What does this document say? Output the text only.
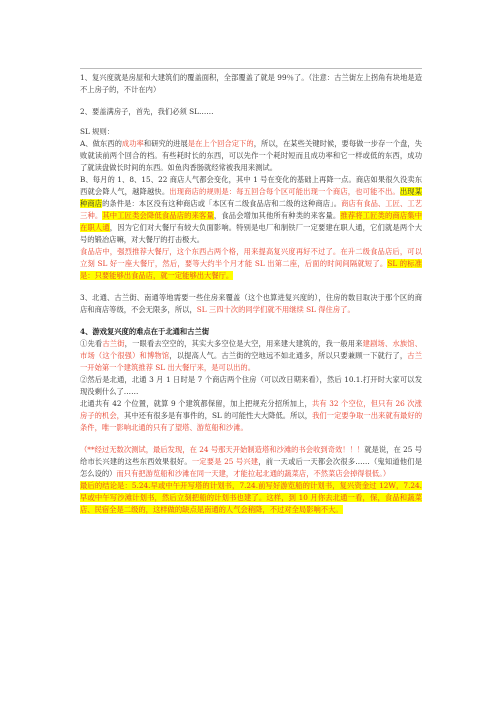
1、复兴度就是房屋和大建筑们的覆盖面积，全部覆盖了就是 99％了。（注意：古兰街左上拐角有块地是造不上房子的，不计在内）

2、要盖满房子，首先，我们必须 SL……

SL 规则：
A、做东西的成功率和研究的进展是在上个回合定下的，所以，在某些关键时候，要每做一步存一个盘，失败就读前两个回合的档。有些耗时长的东西，可以先作一个耗时短而且成功率和它一样或低的东西，成功了就读盘做长时间的东西。如鱼肉香肠就经常被我用来测试。
B、每月的 1、8、15、22 商店人气都会变化，其中 1 号在变化的基础上再降一点。商店如果很久没卖东西就会降人气，越降越快。出现商店的规则是：每五回合每个区可能出现一个商店，也可能不出。出现某种商店的条件是：本区没有这种商店或「本区有二级食品店和二级的这种商店」。商店有食品、工匠、工艺三种。其中工匠类会降低食品店的来客量，食品会增加其他所有种类的来客量。推荐将工匠类的商店集中在职人通，因为它们对大餐厅有较大负面影响。特别是电厂和制铁厂一定要建在职人通，它们就是两个大号的锻冶店嘛，对大餐厅的打击极大。
食品店中，强烈推荐大餐厅，这个东西占两个格，用来提高复兴度再好不过了。在升二级食品店后，可以立刻 SL 好一座大餐厅，然后，要等大约半个月才能 SL 出第二座，后面的时间间隔就短了。SL 的标准是：只要能够出食品店，就一定能够出大餐厅。

3、北通、古兰街、南通等地需要一些住房来覆盖（这个也算进复兴度的），住房的数目取决于那个区的商店和商店等级，不会无限多，所以，SL 三四十次的同学们就不用继续 SL 得住房了。

4、游戏复兴度的难点在于北通和古兰街
①先看古兰街，一眼看去空空的，其实大多空位是大空，用来建大建筑的，我一般用来建剧场、水族馆、市场（这个很强）和博物馆，以提高人气。古兰街的空地远不如北通多，所以只要兼顾一下就行了，古兰一开始第一个建筑推荐 SL 出大餐厅来，是可以出的。
②然后是北通，北通 3 月 1 日时是 7 个商店两个住房（可以改日期来看），然后 10.1.打开时大家可以发现没剩什么了……
北通共有 42 个位置，就算 9 个建筑都保留，加上把规充分招所加上，共有 32 个空位，但只有 26 次涨房子的机会，其中还有很多是有事件的，SL 的可能性大大降低。所以，我们一定要争取一出来就有最好的条件，唯一影响北通的只有了望塔、游览船和沙滩。

（**经过无数次测试，最后发现，在 24 号那天开始制造塔和沙滩的书会收到奇效！！！就是说，在 25 号给市长兴建的这些东西效果很好。一定要是 25 号兴建，前一天或后一天都会次很多……（鬼知道他们是怎么设的）而只有把游览船和沙滩在同一天建，才能拉起北通的蔬菜店，不然菜店会掉得很低。）
最后的结论是：5.24.早或中午开写塔的计划书，7.24.前写好游览船的计划书，复兴资金过 12W，7.24.早或中午写沙滩计划书，然后立刻把船的计划书也建了。这样，到 10 月你去北通一看，保，食品和蔬菜店、民宿全是二级的，这样做的缺点是南通的人气会稍降，不过对全局影响不大。
